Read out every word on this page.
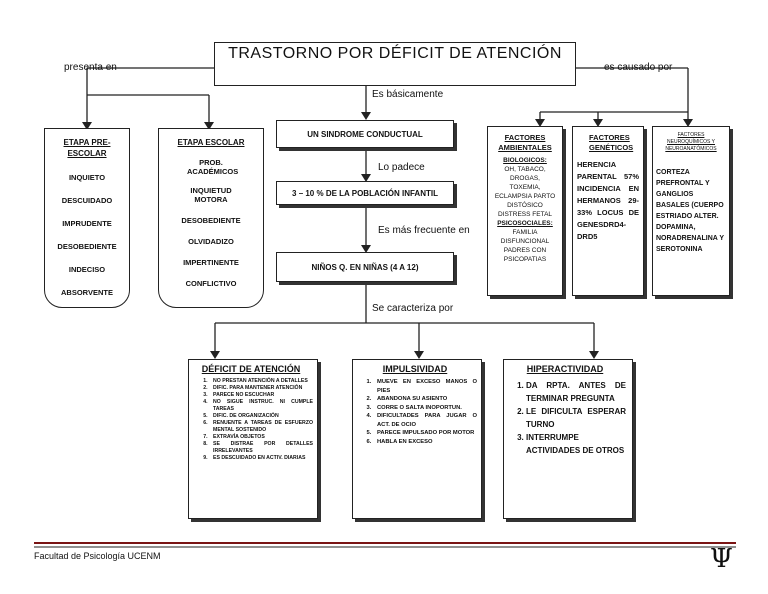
TRASTORNO POR DÉFICIT DE ATENCIÓN
presenta en	es causado por
Es básicamente
Lo padece
Es más frecuente en
Se caracteriza por
UN SINDROME CONDUCTUAL
3 – 10 % DE LA POBLACIÓN INFANTIL
NIÑOS Q. EN NIÑAS (4 A 12)
ETAPA PRE-ESCOLAR
INQUIETO
DESCUIDADO
IMPRUDENTE
DESOBEDIENTE
INDECISO
ABSORVENTE
ETAPA ESCOLAR
PROB. ACADÉMICOS
INQUIETUD MOTORA
DESOBEDIENTE
OLVIDADIZO
IMPERTINENTE
CONFLICTIVO
FACTORES AMBIENTALES
BIOLOGICOS:
OH, TABACO, DROGAS, TOXEMIA, ECLAMPSIA PARTO DISTÓSICO DISTRESS FETAL
PSICOSOCIALES:
FAMILIA DISFUNCIONAL PADRES CON PSICOPATIAS
FACTORES GENÉTICOS
HERENCIA PARENTAL 57% INCIDENCIA EN HERMANOS 29-33% LOCUS DE GENESDRD4-DRD5
FACTORES NEUROQUÍMICOS Y NEUROANATÓMICOS
CORTEZA PREFRONTAL Y GANGLIOS BASALES (CUERPO ESTRIADO ALTER. DOPAMINA, NORADRENALINA Y SEROTONINA
DÉFICIT DE ATENCIÓN
1. NO PRESTAN ATENCIÓN A DETALLES
2. DIFIC. PARA MANTENER ATENCIÓN
3. PARECE NO ESCUCHAR
4. NO SIGUE INSTRUC. NI CUMPLE TAREAS
5. DIFIC. DE ORGANIZACIÓN
6. RENUENTE A TAREAS DE ESFUERZO MENTAL SOSTENIDO
7. EXTRAVÍA OBJETOS
8. SE DISTRAE POR DETALLES IRRELEVANTES
9. ES DESCUIDADO EN ACTIV. DIARIAS
IMPULSIVIDAD
1. MUEVE EN EXCESO MANOS O PIES
2. ABANDONA SU ASIENTO
3. CORRE O SALTA INOPORTUN.
4. DIFICULTADES PARA JUGAR O ACT. DE OCIO
5. PARECE IMPULSADO POR MOTOR
6. HABLA EN EXCESO
HIPERACTIVIDAD
1. DA RPTA. ANTES DE TERMINAR PREGUNTA
2. LE DIFICULTA ESPERAR TURNO
3. INTERRUMPE ACTIVIDADES DE OTROS
Facultad de Psicología UCENM	Ψ
